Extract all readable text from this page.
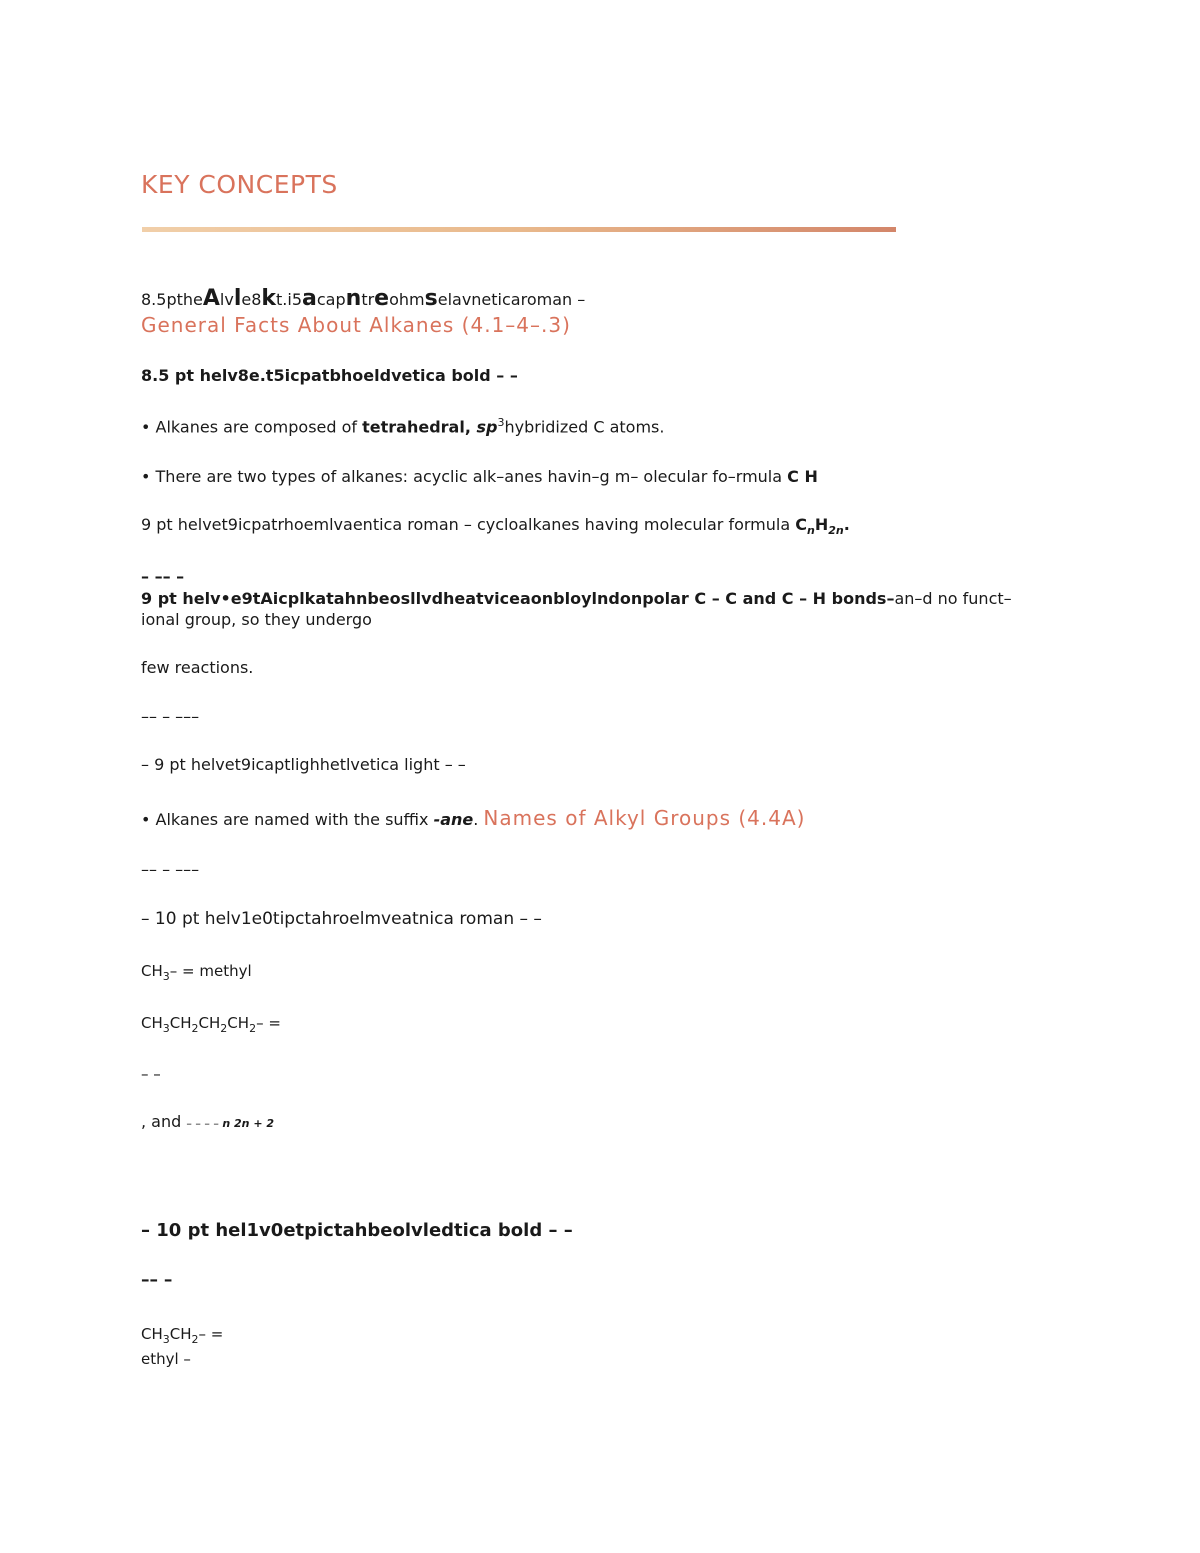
KEY CONCEPTS
8.5ptheAlvle8kt.i5acapntreohmselavneticaroman –
General Facts About Alkanes (4.1–4–.3)
8.5 pt helv8e.t5icpatbhoeldvetica bold – –
• Alkanes are composed of tetrahedral, $sp^3hybridized$ C atoms.
• There are two types of alkanes: acyclic alk–anes havin–g m– olecular fo–rmula C H
9 pt helvet9icpatrhoemlvaentica roman – cycloalkanes having molecular formula $C_nH_{2n}$.
– –– –
9 pt helv•e9tAicplkatahnbeosllvdheatviceaonbloylndonpolar C – C and C – H bonds–an–d no funct–ional group, so they undergo
few reactions.
–– – –––
– 9 pt helvet9icaptlighhetlvetica light – –
• Alkanes are named with the suffix -ane. Names of Alkyl Groups (4.4A)
–– – –––
– 10 pt helv1e0tipctahroelmveatnica roman – –
$CH_3-$ = methyl
$CH_3CH_2CH_2CH_2-$ =
– –
, and – – – – n 2n + 2
– 10 pt hel1v0etpictahbeolvledtica bold – –
–– –
$CH_3CH_2-$ =
ethyl –
